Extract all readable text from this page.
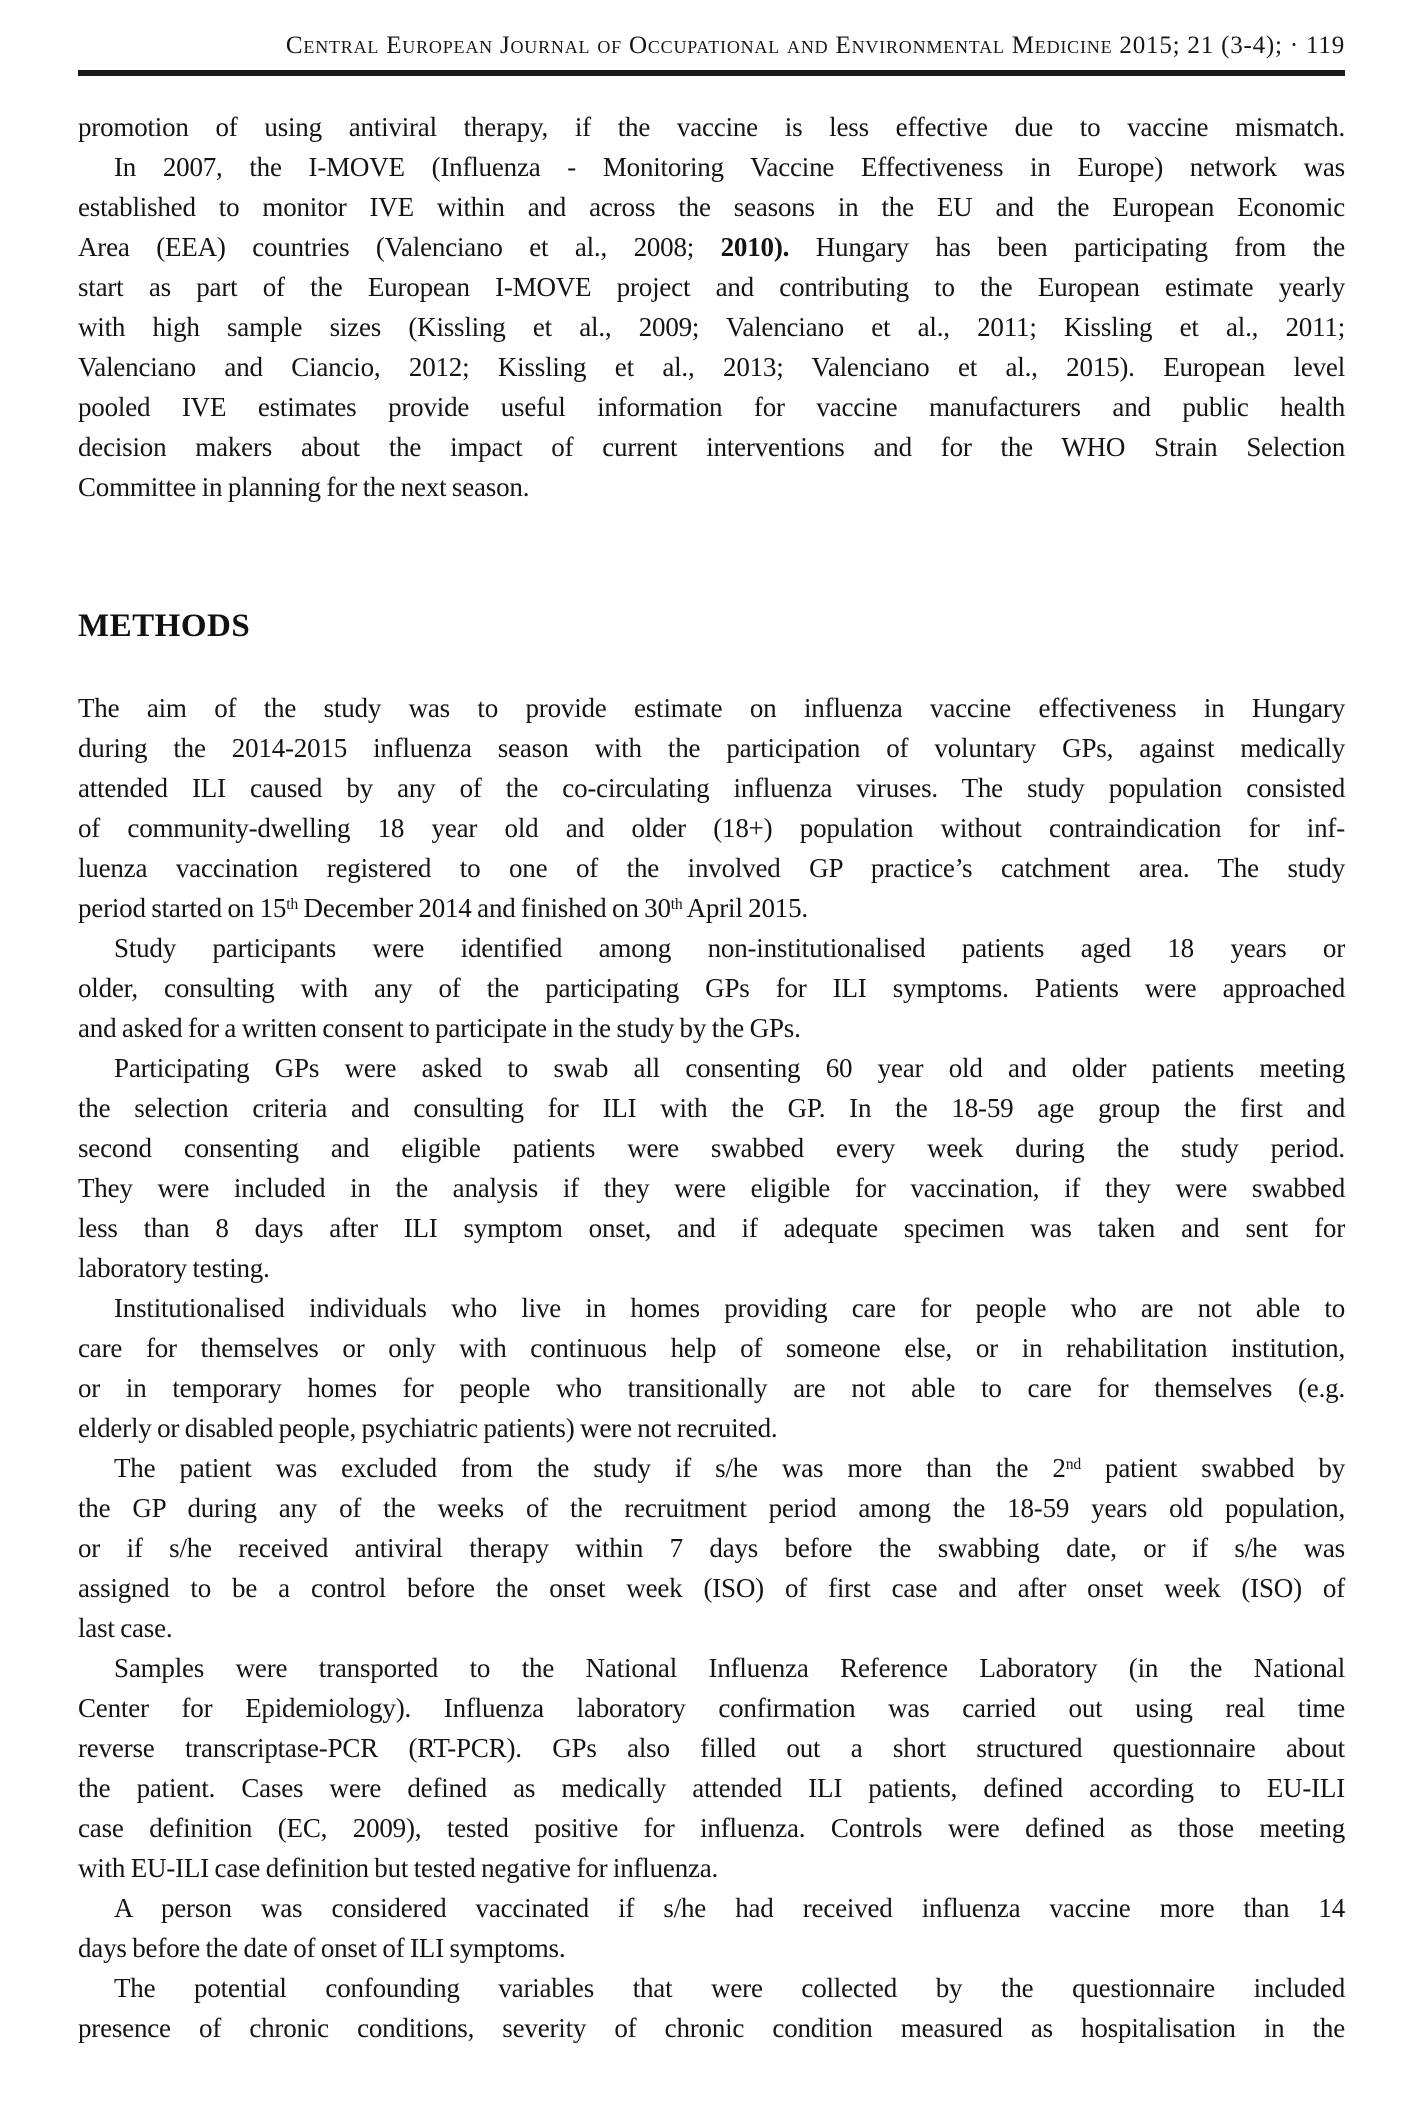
Central European Journal of Occupational and Environmental Medicine 2015; 21 (3-4); · 119
promotion of using antiviral therapy, if the vaccine is less effective due to vaccine mismatch.
In 2007, the I-MOVE (Influenza - Monitoring Vaccine Effectiveness in Europe) network was
established to monitor IVE within and across the seasons in the EU and the European Economic
Area (EEA) countries (Valenciano et al., 2008; 2010). Hungary has been participating from the
start as part of the European I-MOVE project and contributing to the European estimate yearly
with high sample sizes (Kissling et al., 2009; Valenciano et al., 2011; Kissling et al., 2011;
Valenciano and Ciancio, 2012; Kissling et al., 2013; Valenciano et al., 2015). European level
pooled IVE estimates provide useful information for vaccine manufacturers and public health
decision makers about the impact of current interventions and for the WHO Strain Selection
Committee in planning for the next season.
METHODS
The aim of the study was to provide estimate on influenza vaccine effectiveness in Hungary
during the 2014-2015 influenza season with the participation of voluntary GPs, against medically
attended ILI caused by any of the co-circulating influenza viruses. The study population consisted
of community-dwelling 18 year old and older (18+) population without contraindication for inf-
luenza vaccination registered to one of the involved GP practice’s catchment area. The study
period started on 15th December 2014 and finished on 30th April 2015.
Study participants were identified among non-institutionalised patients aged 18 years or
older, consulting with any of the participating GPs for ILI symptoms. Patients were approached
and asked for a written consent to participate in the study by the GPs.
Participating GPs were asked to swab all consenting 60 year old and older patients meeting
the selection criteria and consulting for ILI with the GP. In the 18-59 age group the first and
second consenting and eligible patients were swabbed every week during the study period.
They were included in the analysis if they were eligible for vaccination, if they were swabbed
less than 8 days after ILI symptom onset, and if adequate specimen was taken and sent for
laboratory testing.
Institutionalised individuals who live in homes providing care for people who are not able to
care for themselves or only with continuous help of someone else, or in rehabilitation institution,
or in temporary homes for people who transitionally are not able to care for themselves (e.g.
elderly or disabled people, psychiatric patients) were not recruited.
The patient was excluded from the study if s/he was more than the 2nd patient swabbed by
the GP during any of the weeks of the recruitment period among the 18-59 years old population,
or if s/he received antiviral therapy within 7 days before the swabbing date, or if s/he was
assigned to be a control before the onset week (ISO) of first case and after onset week (ISO) of
last case.
Samples were transported to the National Influenza Reference Laboratory (in the National
Center for Epidemiology). Influenza laboratory confirmation was carried out using real time
reverse transcriptase-PCR (RT-PCR). GPs also filled out a short structured questionnaire about
the patient. Cases were defined as medically attended ILI patients, defined according to EU-ILI
case definition (EC, 2009), tested positive for influenza. Controls were defined as those meeting
with EU-ILI case definition but tested negative for influenza.
A person was considered vaccinated if s/he had received influenza vaccine more than 14
days before the date of onset of ILI symptoms.
The potential confounding variables that were collected by the questionnaire included
presence of chronic conditions, severity of chronic condition measured as hospitalisation in the
